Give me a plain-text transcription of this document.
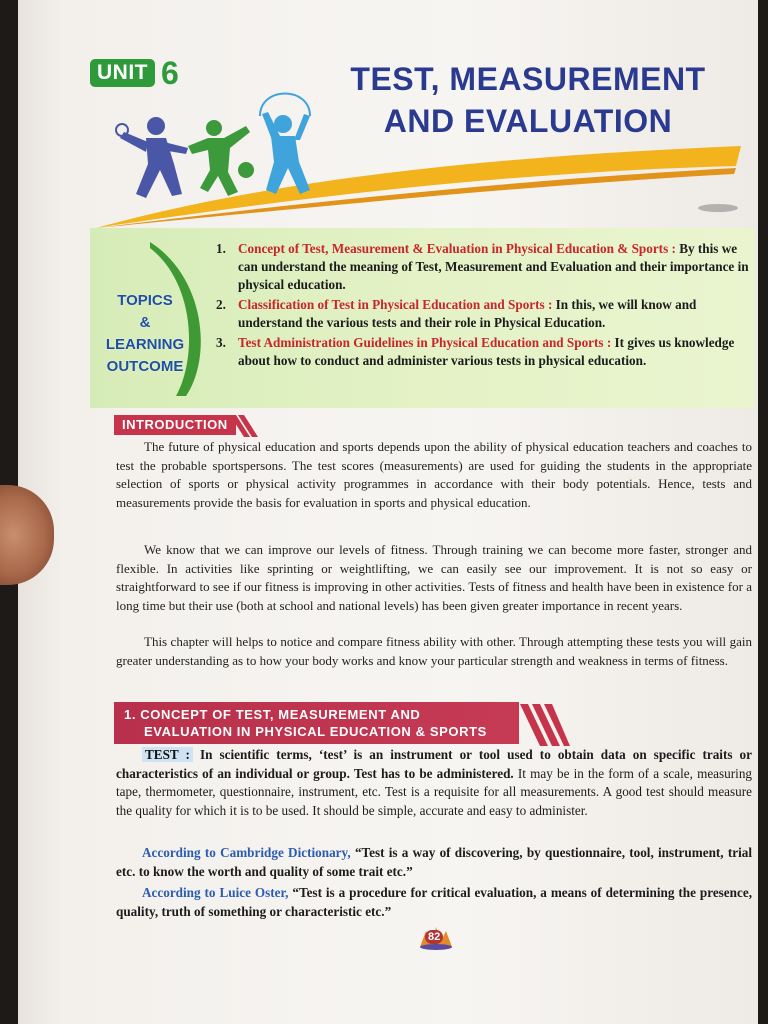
UNIT 6	TEST, MEASUREMENT
AND EVALUATION
TOPICS
&
LEARNING
OUTCOME
1. Concept of Test, Measurement & Evaluation in Physical Education & Sports : By this we can understand the meaning of Test, Measurement and Evaluation and their importance in physical education.
2. Classification of Test in Physical Education and Sports : In this, we will know and understand the various tests and their role in Physical Education.
3. Test Administration Guidelines in Physical Education and Sports : It gives us knowledge about how to conduct and administer various tests in physical education.
INTRODUCTION

The future of physical education and sports depends upon the ability of physical education teachers and coaches to test the probable sportspersons. The test scores (measurements) are used for guiding the students in the appropriate selection of sports or physical activity programmes in accordance with their body potentials. Hence, tests and measurements provide the basis for evaluation in sports and physical education.

We know that we can improve our levels of fitness. Through training we can become more faster, stronger and flexible. In activities like sprinting or weightlifting, we can easily see our improvement. It is not so easy or straightforward to see if our fitness is improving in other activities. Tests of fitness and health have been in existence for a long time but their use (both at school and national levels) has been given greater importance in recent years.

This chapter will helps to notice and compare fitness ability with other. Through attempting these tests you will gain greater understanding as to how your body works and know your particular strength and weakness in terms of fitness.

1. CONCEPT OF TEST, MEASUREMENT AND
EVALUATION IN PHYSICAL EDUCATION & SPORTS

TEST : In scientific terms, ‘test’ is an instrument or tool used to obtain data on specific traits or characteristics of an individual or group. Test has to be administered. It may be in the form of a scale, measuring tape, thermometer, questionnaire, instrument, etc. Test is a requisite for all measurements. A good test should measure the quality for which it is to be used. It should be simple, accurate and easy to administer.

According to Cambridge Dictionary, “Test is a way of discovering, by questionnaire, tool, instrument, trial etc. to know the worth and quality of some trait etc.”

According to Luice Oster, “Test is a procedure for critical evaluation, a means of determining the presence, quality, truth of something or characteristic etc.”

82
